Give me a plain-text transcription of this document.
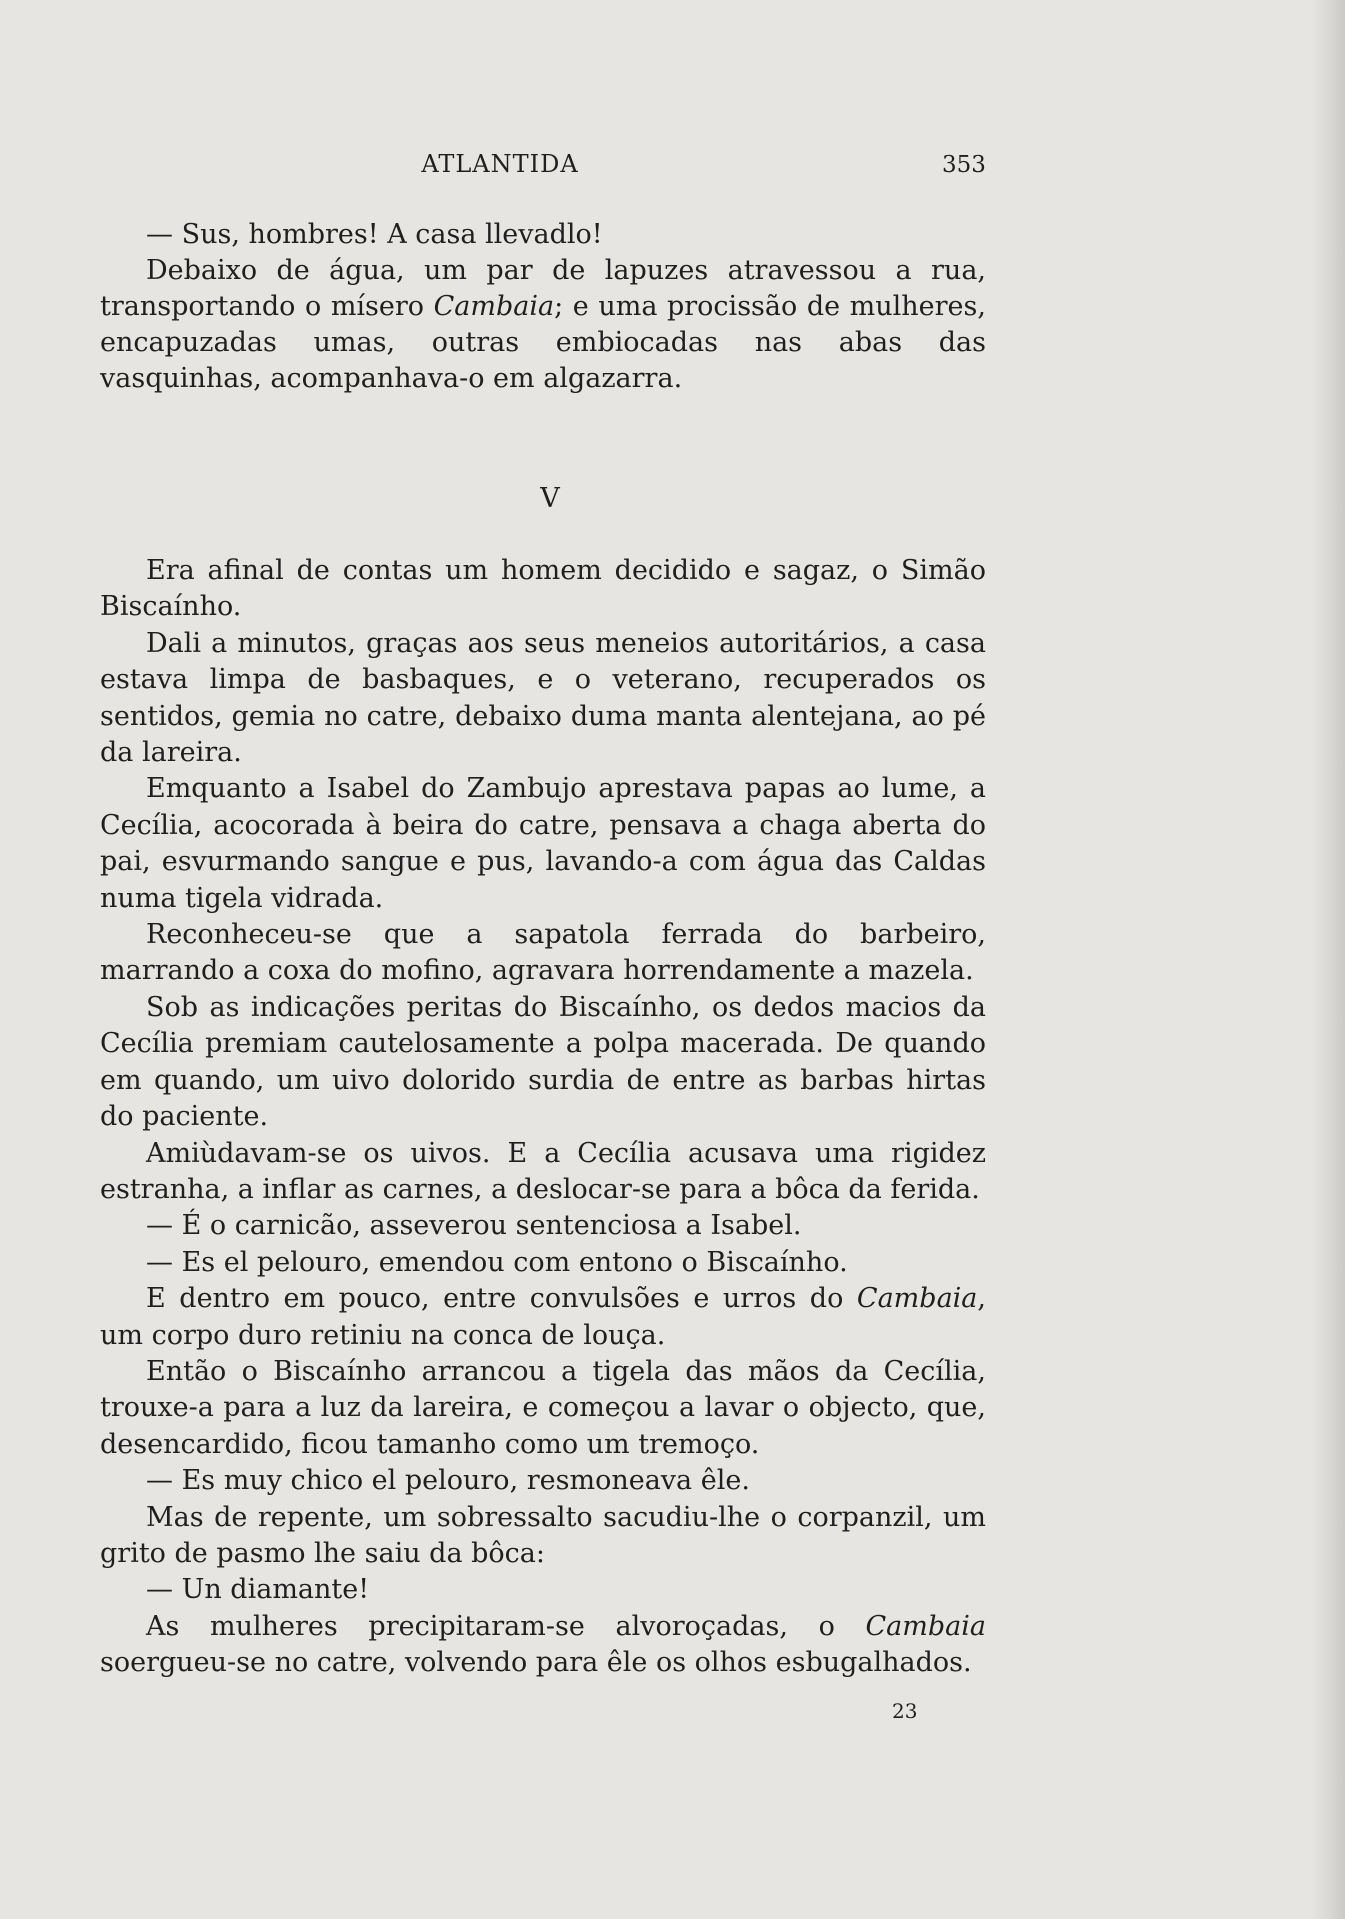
ATLANTIDA	353

— Sus, hombres! A casa llevadlo!

Debaixo de água, um par de lapuzes atravessou a rua, transportando o mísero Cambaia; e uma procissão de mulheres, encapuzadas umas, outras embiocadas nas abas das vasquinhas, acompanhava-o em algazarra.

V

Era afinal de contas um homem decidido e sagaz, o Simão Biscaínho.

Dali a minutos, graças aos seus meneios autoritários, a casa estava limpa de basbaques, e o veterano, recuperados os sentidos, gemia no catre, debaixo duma manta alentejana, ao pé da lareira.

Emquanto a Isabel do Zambujo aprestava papas ao lume, a Cecília, acocorada à beira do catre, pensava a chaga aberta do pai, esvurmando sangue e pus, lavando-a com água das Caldas numa tigela vidrada.

Reconheceu-se que a sapatola ferrada do barbeiro, marrando a coxa do mofino, agravara horrendamente a mazela.

Sob as indicações peritas do Biscaínho, os dedos macios da Cecília premiam cautelosamente a polpa macerada. De quando em quando, um uivo dolorido surdia de entre as barbas hirtas do paciente.

Amiùdavam-se os uivos. E a Cecília acusava uma rigidez estranha, a inflar as carnes, a deslocar-se para a bôca da ferida.

— É o carnicão, asseverou sentenciosa a Isabel.

— Es el pelouro, emendou com entono o Biscaínho.

E dentro em pouco, entre convulsões e urros do Cambaia, um corpo duro retiniu na conca de louça.

Então o Biscaínho arrancou a tigela das mãos da Cecília, trouxe-a para a luz da lareira, e começou a lavar o objecto, que, desencardido, ficou tamanho como um tremoço.

— Es muy chico el pelouro, resmoneava êle.

Mas de repente, um sobressalto sacudiu-lhe o corpanzil, um grito de pasmo lhe saiu da bôca:

— Un diamante!

As mulheres precipitaram-se alvoroçadas, o Cambaia soergueu-se no catre, volvendo para êle os olhos esbugalhados.

23
